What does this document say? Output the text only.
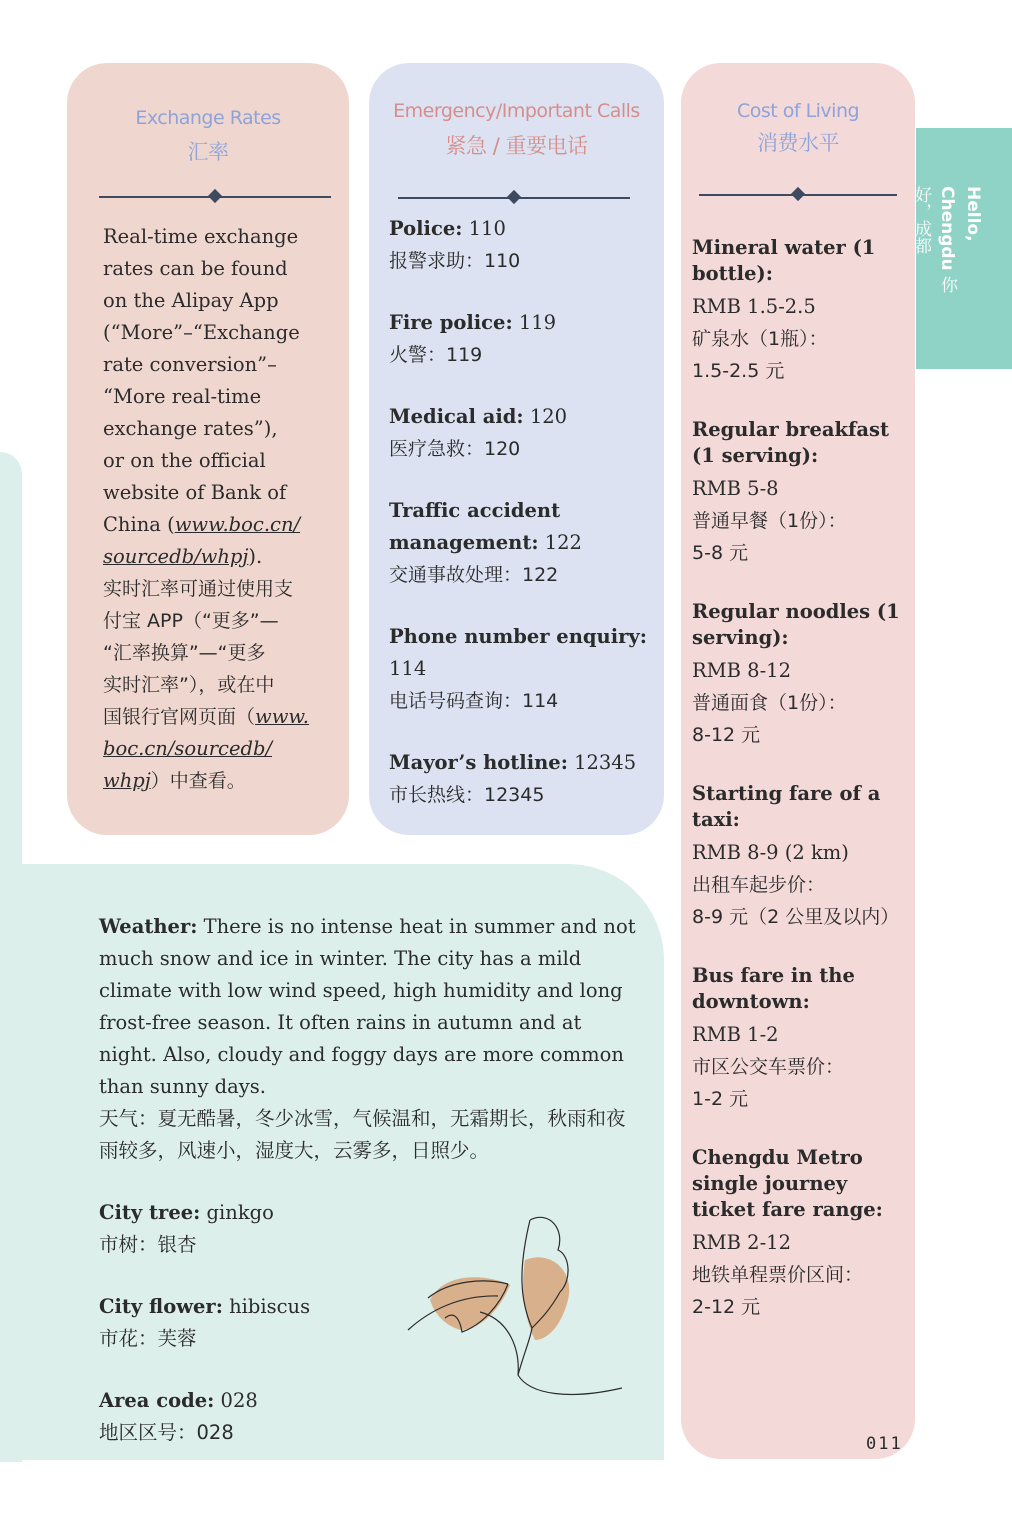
Exchange Rates
汇率
Real-time exchange
rates can be found
on the Alipay App
(“More”–“Exchange
rate conversion”–
“More real-time
exchange rates”),
or on the official
website of Bank of
China (www.boc.cn/
sourcedb/whpj).
实时汇率可通过使用支
付宝 APP（“更多”—
“汇率换算”—“更多
实时汇率”），或在中
国银行官网页面（www.
boc.cn/sourcedb/
whpj）中查看。
Emergency/Important Calls
紧急 / 重要电话
Police: 110
报警求助：110
Fire police: 119
火警：119
Medical aid: 120
医疗急救：120
Traffic accident
management: 122
交通事故处理：122
Phone number enquiry:
114
电话号码查询：114
Mayor’s hotline: 12345
市长热线：12345
Cost of Living
消费水平
Mineral water (1
bottle):
RMB 1.5-2.5
矿泉水（1瓶）：
1.5-2.5 元
Regular breakfast
(1 serving):
RMB 5-8
普通早餐（1份）：
5-8 元
Regular noodles (1
serving):
RMB 8-12
普通面食（1份）：
8-12 元
Starting fare of a
taxi:
RMB 8-9 (2 km)
出租车起步价：
8-9 元（2 公里及以内）
Bus fare in the
downtown:
RMB 1-2
市区公交车票价：
1-2 元
Chengdu Metro
single journey
ticket fare range:
RMB 2-12
地铁单程票价区间：
2-12 元
Hello, Chengdu 你好，成都

Weather: There is no intense heat in summer and not much snow and ice in winter. The city has a mild climate with low wind speed, high humidity and long frost-free season. It often rains in autumn and at night. Also, cloudy and foggy days are more common than sunny days.

天气：夏无酷暑，冬少冰雪，气候温和，无霜期长，秋雨和夜雨较多，风速小，湿度大，云雾多，日照少。

City tree: ginkgo

市树：银杏

City flower: hibiscus

市花：芙蓉

Area code: 028

地区区号：028	011
